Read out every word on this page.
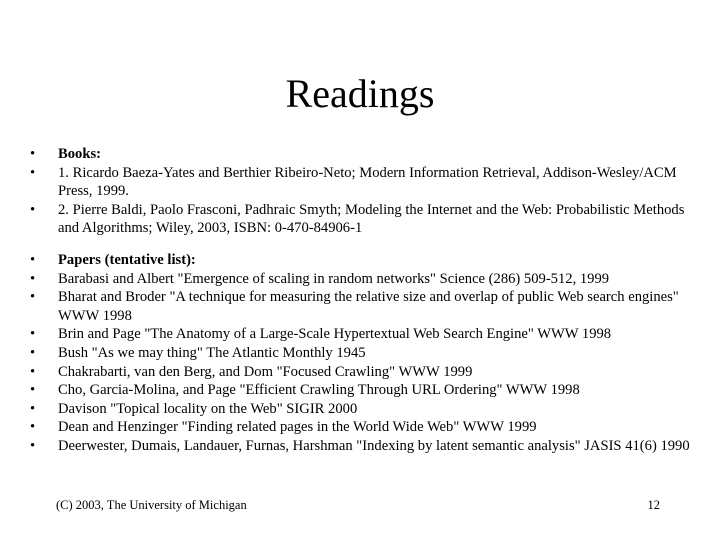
Readings
•	Books:
•	1. Ricardo Baeza-Yates and Berthier Ribeiro-Neto; Modern Information Retrieval, Addison-Wesley/ACM Press, 1999.
•	2. Pierre Baldi, Paolo Frasconi, Padhraic Smyth; Modeling the Internet and the Web: Probabilistic Methods and Algorithms; Wiley, 2003, ISBN: 0-470-84906-1
•	Papers (tentative list):
•	Barabasi and Albert "Emergence of scaling in random networks" Science (286) 509-512, 1999
•	Bharat and Broder "A technique for measuring the relative size and overlap of public Web search engines" WWW 1998
•	Brin and Page "The Anatomy of a Large-Scale Hypertextual Web Search Engine" WWW 1998
•	Bush "As we may thing" The Atlantic Monthly 1945
•	Chakrabarti, van den Berg, and Dom "Focused Crawling" WWW 1999
•	Cho, Garcia-Molina, and Page "Efficient Crawling Through URL Ordering" WWW 1998
•	Davison "Topical locality on the Web" SIGIR 2000
•	Dean and Henzinger "Finding related pages in the World Wide Web" WWW 1999
•	Deerwester, Dumais, Landauer, Furnas, Harshman "Indexing by latent semantic analysis" JASIS 41(6) 1990
(C) 2003, The University of Michigan	12
